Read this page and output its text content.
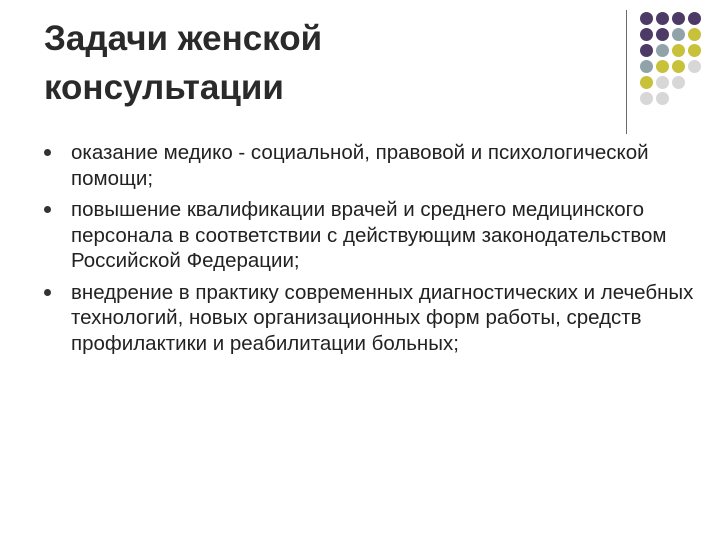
Задачи женской
консультации
оказание медико - социальной, правовой и психологической помощи;
повышение квалификации врачей и среднего медицинского персонала в соответствии с действующим законодательством Российской Федерации;
внедрение в практику современных диагностических и лечебных технологий, новых организационных форм работы, средств профилактики и реабилитации больных;
